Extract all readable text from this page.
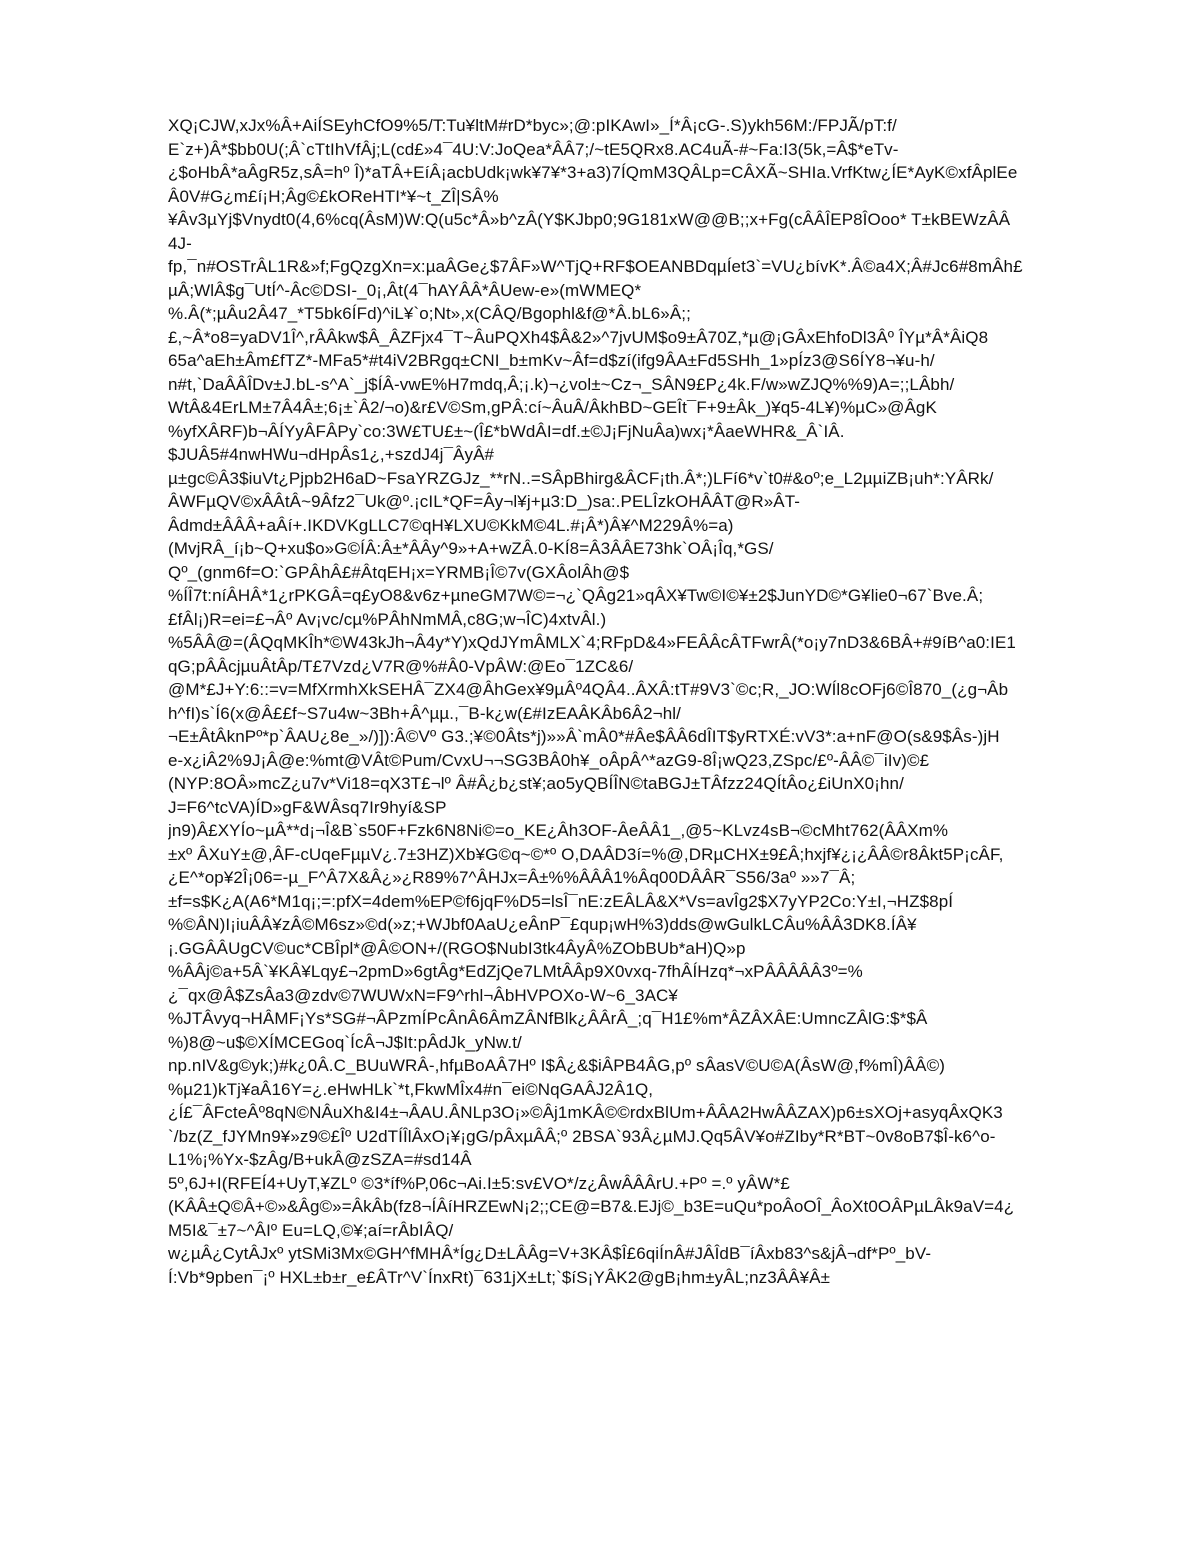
XQ¡CJW,xJx%Â+AiÍSEyhCfO9%5/T:Tu¥ltM#rD*byc»;@:pIKAwI»_Í*Â¡cG-.S)ykh56M:/FPJÃ/pT:f/
E`z+)Â*$bb0U(;Â`cTtIhVfÂj;L(cd£»4¯4U:V:JoQea*ÂÂ7;/~tE5QRx8.AC4uÃ-#~Fa:I3(5k,=Â$*eTv-
¿$oHbÂ*aÂgR5z,sÂ=hº Î)*aTÂ+EíÂ¡acbUdk¡wk¥7¥*3+a3)7ÍQmM3QÂLp=CÂXÃ~SHIa.VrfKtw¿ÍE*AyK©xfÂplEe
Â0V#G¿m£í¡H;Âg©£kOReHTI*¥~t_ZÎ|SÂ%
¥Âv3µYj$Vnydt0(4,6%cq(ÂsM)W:Q(u5c*Â»b^zÂ(Y$KJbp0;9G181xW@@B;;x+Fg(cÂÂÎEP8ÎOoo* T±kBEWzÂÂ
4J-
fp,¯n#OSTrÂL1R&»f;FgQzgXn=x:µaÂGe¿$7ÂF»W^TjQ+RF$OEANBDqµÍet3`=VU¿bívK*.Â©a4X;Â#Jc6#8mÂh£
µÂ;WlÂ$g¯UtÍ^-Âc©DSI-_0¡,Ât(4¯hAYÂÂ*ÂUew-e»(mWMEQ*
%.Â(*;µÂu2Â47_*T5bk6ÍFd)^iL¥`o;Nt»,x(CÂQ/Bgophl&f@*Â.bL6»Â;;
£,~Â*o8=yaDV1Î^,rÂÂkw$Â_ÂZFjx4¯T~ÂuPQXh4$Â&2»^7jvUM$o9±Â70Z,*µ@¡GÂxEhfoDl3Âº ÎYµ*Â*ÂiQ8
65a^aEh±Âm£fTZ*-MFa5*#t4iV2BRgq±CNI_b±mKv~Âf=d$zí(ifg9ÂA±Fd5SHh_1»pÍz3@S6ÍY8¬¥u-h/
n#t,`DaÂÂÎDv±J.bL-s^A`_j$ÍÂ-vwE%H7mdq,Â;¡.k)¬¿vol±~Cz¬_SÂN9£P¿4k.F/w»wZJQ%%9)A=;;LÂbh/
WtÂ&4ErLM±7Â4Â±;6¡±`Â2/¬o)&r£V©Sm,gPÂ:cí~ÂuÂ/ÂkhBD~GEÎt¯F+9±Âk_)¥q5-4L¥)%µC»@ÂgK
%yfXÂRF)b¬ÂÍYyÂFÂPy`co:3W£TU£±~(Î£*bWdÂI=df.±©J¡FjNuÂa)wx¡*ÂaeWHR&_Â`IÂ.
$JUÂ5#4nwHWu¬dHpÂs1¿,+szdJ4j¯ÂyÂ#
µ±gc©Â3$iuVt¿Pjpb2H6aD~FsaYRZGJz_**rN..=SÂpBhirg&ÂCF¡th.Â*;)LFí6*v`t0#&oº;e_L2µµiZB¡uh*:YÂRk/
ÂWFµQV©xÂÂtÂ~9Âfz2¯Uk@º.¡cIL*QF=Ây¬l¥j+µ3:D_)sa:.PELÎzkOHÂÂT@R»ÂT-
Âdmd±ÂÂÂ+aÂí+.IKDVKgLLC7©qH¥LXU©KkM©4L.#¡Â*)Â¥^M229Â%=a)
(MvjRÂ_í¡b~Q+xu$o»G©ÍÂ:Â±*ÂÂy^9»+A+wZÂ.0-KÍ8=Â3ÂÂE73hk`OÂ¡Îq,*GS/
Qº_(gnm6f=O:`GPÂhÂ£#ÂtqEH¡x=YRMB¡Î©7v(GXÂolÂh@$
%ÍÎ7t:níÂHÂ*1¿rPKGÂ=q£yO8&v6z+µneGM7W©=¬¿`QÂg21»qÂX¥Tw©I©¥±2$JunYD©*G¥lie0¬67`Bve.Â;
£fÂl¡)R=ei=£¬Âº Av¡vc/cµ%PÂhNmMÂ,c8G;w¬ÎC)4xtvÂl.)
%5ÂÂ@=(ÂQqMKÎh*©W43kJh¬Â4y*Y)xQdJYmÂMLX`4;RFpD&4»FEÂÂcÂTFwrÂ(*o¡y7nD3&6BÂ+#9íB^a0:IE1
qG;pÂÂcjµuÂtÂp/T£7Vzd¿V7R@%#Â0-VpÂW:@Eo¯1ZC&6/
@M*£J+Y:6::=v=MfXrmhXkSEHÂ¯ZX4@ÂhGex¥9µÂº4QÂ4..ÂXÂ:tT#9V3`©c;R,_JO:WÍl8cOFj6©Î870_(¿g¬Âb
h^fI)s`Í6(x@Â££f~S7u4w~3Bh+Â^µµ.,¯B-k¿w(£#IzEAÂKÂb6Â2¬hl/
¬E±ÂtÂknPº*p`ÂAU¿8e_»/)]):Â©Vº G3.;¥©0Âts*j)»»Â`mÂ0*#Âe$ÂÂ6dÎIT$yRTXÉ:vV3*:a+nF@O(s&9$Âs-)jH
e-x¿iÂ2%9J¡Â@e:%mt@VÂt©Pum/CvxU¬¬SG3BÂ0h¥_oÂpÂ^*azG9-8Î¡wQ23,ZSpc/£º-ÂÂ©¯iIv)©£
(NYP:8OÂ»mcZ¿u7v*Vi18=qX3T£¬lº Â#Â¿b¿st¥;ao5yQBÍÎN©taBGJ±TÂfzz24QÍtÂo¿£iUnX0¡hn/
J=F6^tcVA)ÍD»gF&WÂsq7Ir9hyí&SP
jn9)Â£XYÍo~µÂ**d¡¬Î&B`s50F+Fzk6N8Ni©=o_KE¿Âh3OF-ÂeÂÂ1_,@5~KLvz4sB¬©cMht762(ÂÂXm%
±xº ÂXuY±@,ÂF-cUqeFµµV¿.7±3HZ)Xb¥G©q~©*º O,DAÂD3í=%@,DRµCHX±9£Â;hxjf¥¿¡¿ÂÂ©r8Âkt5P¡cÂF,
¿E^*op¥2Î¡06=-µ_F^Â7X&Â¿»¿R89%7^ÂHJx=Â±%%ÂÂÂ1%Âq00DÂÂR¯S56/3aº »»7¯Â;
±f=s$K¿A(A6*M1q¡;=:pfX=4dem%EP©f6jqF%D5=lsÎ¯nE:zEÂLÂ&X*Vs=avÎg2$X7yYP2Co:Y±I,¬HZ$8pÍ
%©ÂN)I¡iuÂÂ¥zÂ©M6sz»©d(»z;+WJbf0AaU¿eÂnP¯£qup¡wH%3)dds@wGulkLCÂu%ÂÂ3DK8.ÍÂ¥
¡.GGÂÂUgCV©uc*CBÎpl*@Â©ON+/(RGO$NubI3tk4ÂyÂ%ZObBUb*aH)Q»p
%ÂÂj©a+5Â`¥KÂ¥Lqy£¬2pmD»6gtÂg*EdZjQe7LMtÂÂp9X0vxq-7fhÂÍHzq*¬xPÂÂÂÂÂ3º=%
¿¯qx@Â$ZsÂa3@zdv©7WUWxN=F9^rhl¬ÂbHVPOXo-W~6_3AC¥
%JTÂvyq¬HÂMF¡Ys*SG#¬ÂPzmÍPcÂnÂ6ÂmZÂNfBlk¿ÂÂrÂ_;q¯H1£%m*ÂZÂXÂE:UmncZÂlG:$*$Â
%)8@~u$©XÍMCEGoq`ÍcÂ¬J$It:pÂdJk_yNw.t/
np.nIV&g©yk;)#k¿0Â.C_BUuWRÂ-,hfµBoAÂ7Hº I$Â¿&$iÂPB4ÂG,pº sÂasV©U©A(ÂsW@,f%mÎ)ÂÂ©)
%µ21)kTj¥aÂ16Y=¿.eHwHLk`*t,FkwMÎx4#n¯ei©NqGAÂJ2Â1Q,
¿Í£¯ÂFcteÂº8qN©NÂuXh&I4±¬ÂAU.ÂNLp3O¡»©Âj1mKÂ©©rdxBlUm+ÂÂA2HwÂÂZAX)p6±sXOj+asyqÂxQK3
`/bz(Z_fJYMn9¥»z9©£Îº U2dTÍÎlÂxO¡¥¡gG/pÂxµÂÂ;º 2BSA`93Â¿µMJ.Qq5ÂV¥o#ZIby*R*BT~0v8oB7$Î-k6^o-
L1%¡%Yx-$zÂg/B+ukÂ@zSZA=#sd14Â
5º,6J+I(RFEÍ4+UyT,¥ZLº ©3*íf%P,06c¬Ai.I±5:sv£VO*/z¿ÂwÂÂÂrU.+Pº =.º yÂW*£
(KÂÂ±Q©Â+©»&Âg©»=ÂkÂb(fz8¬ÍÂíHRZEwN¡2;;CE@=B7&.EJj©_b3E=uQu*poÂoOÎ_ÂoXt0OÂPµLÂk9aV=4¿
M5I&¯±7~^ÂIº Eu=LQ,©¥;aí=rÂbIÂQ/
w¿µÂ¿CytÂJxº ytSMi3Mx©GH^fMHÂ*Íg¿D±LÂÂg=V+3KÂ$Î£6qiÍnÂ#JÂÎdB¯íÂxb83^s&jÂ¬df*Pº_bV-
Í:Vb*9pben¯¡º HXL±b±r_e£ÂTr^V`ÍnxRt)¯631jX±Lt;`$íS¡YÂK2@gB¡hm±yÂL;nz3ÂÂ¥Â±
